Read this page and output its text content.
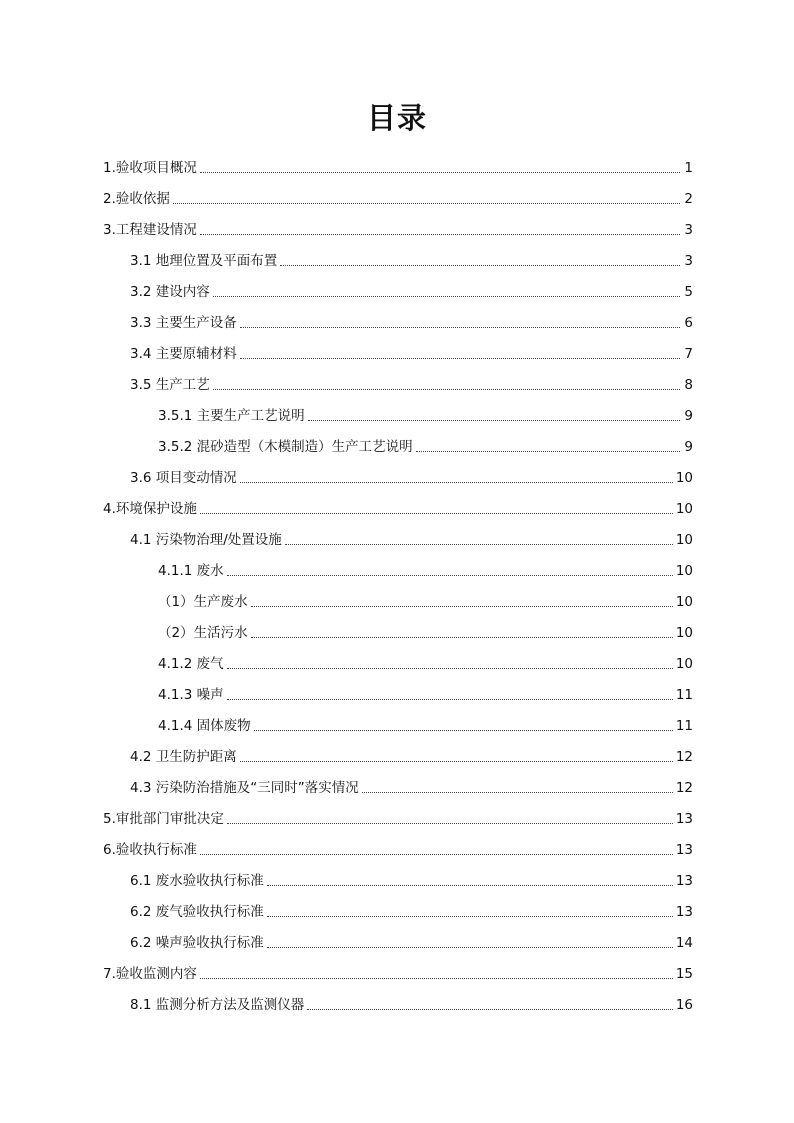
目录
1.验收项目概况	1
2.验收依据	2
3.工程建设情况	3
3.1 地理位置及平面布置	3
3.2 建设内容	5
3.3 主要生产设备	6
3.4 主要原辅材料	7
3.5 生产工艺	8
3.5.1 主要生产工艺说明	9
3.5.2 混砂造型（木模制造）生产工艺说明	9
3.6 项目变动情况	10
4.环境保护设施	10
4.1 污染物治理/处置设施	10
4.1.1 废水	10
（1）生产废水	10
（2）生活污水	10
4.1.2 废气	10
4.1.3 噪声	11
4.1.4 固体废物	11
4.2 卫生防护距离	12
4.3 污染防治措施及“三同时”落实情况	12
5.审批部门审批决定	13
6.验收执行标准	13
6.1 废水验收执行标准	13
6.2 废气验收执行标准	13
6.2 噪声验收执行标准	14
7.验收监测内容	15
8.1 监测分析方法及监测仪器	16
